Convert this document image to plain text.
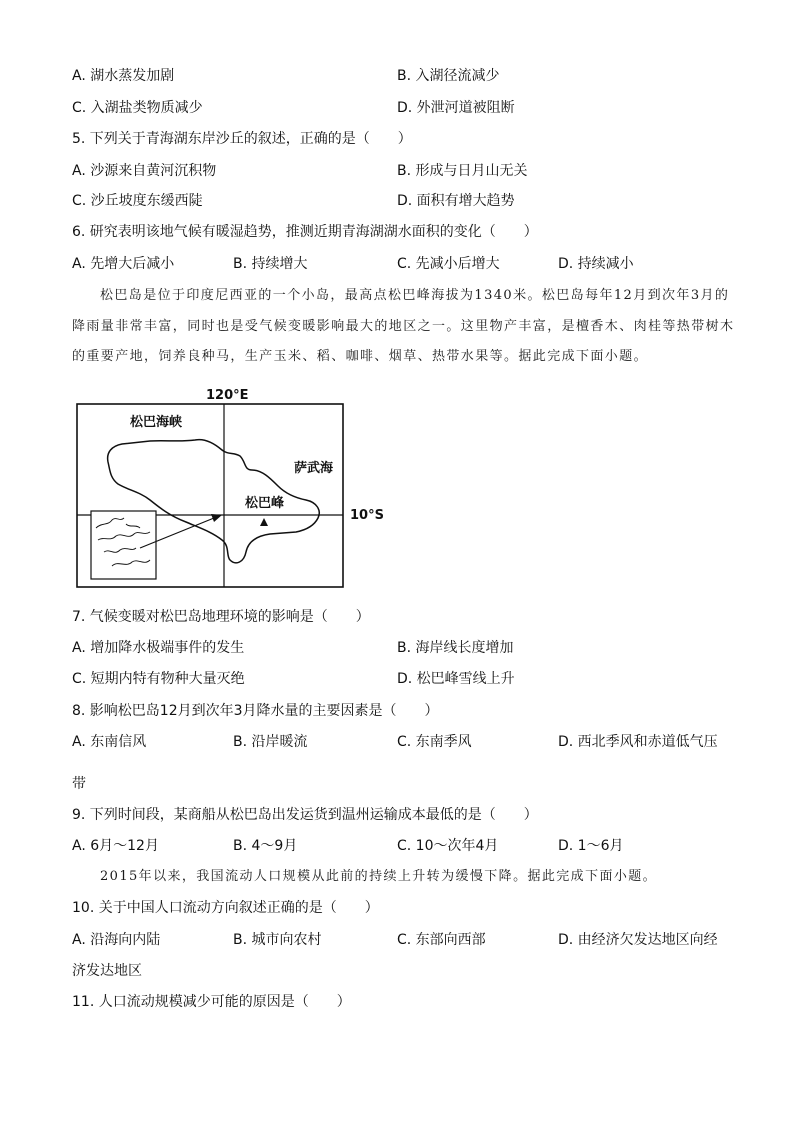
A. 湖水蒸发加剧	B. 入湖径流减少
C. 入湖盐类物质减少	D. 外泄河道被阻断
5. 下列关于青海湖东岸沙丘的叙述，正确的是（　　）
A. 沙源来自黄河沉积物	B. 形成与日月山无关
C. 沙丘坡度东缓西陡	D. 面积有增大趋势
6. 研究表明该地气候有暖湿趋势，推测近期青海湖湖水面积的变化（　　）
A. 先增大后减小	B. 持续增大	C. 先减小后增大	D. 持续减小
松巴岛是位于印度尼西亚的一个小岛，最高点松巴峰海拔为1340米。松巴岛每年12月到次年3月的
降雨量非常丰富，同时也是受气候变暖影响最大的地区之一。这里物产丰富，是檀香木、肉桂等热带树木
的重要产地，饲养良种马，生产玉米、稻、咖啡、烟草、热带水果等。据此完成下面小题。
120°E
10°S
松巴海峡
萨武海
松巴峰
7. 气候变暖对松巴岛地理环境的影响是（　　）
A. 增加降水极端事件的发生	B. 海岸线长度增加
C. 短期内特有物种大量灭绝	D. 松巴峰雪线上升
8. 影响松巴岛12月到次年3月降水量的主要因素是（　　）
A. 东南信风	B. 沿岸暖流	C. 东南季风	D. 西北季风和赤道低气压
带
9. 下列时间段，某商船从松巴岛出发运货到温州运输成本最低的是（　　）
A. 6月～12月	B. 4～9月	C. 10～次年4月	D. 1～6月
2015年以来，我国流动人口规模从此前的持续上升转为缓慢下降。据此完成下面小题。
10. 关于中国人口流动方向叙述正确的是（　　）
A. 沿海向内陆	B. 城市向农村	C. 东部向西部	D. 由经济欠发达地区向经
济发达地区
11. 人口流动规模减少可能的原因是（　　）
